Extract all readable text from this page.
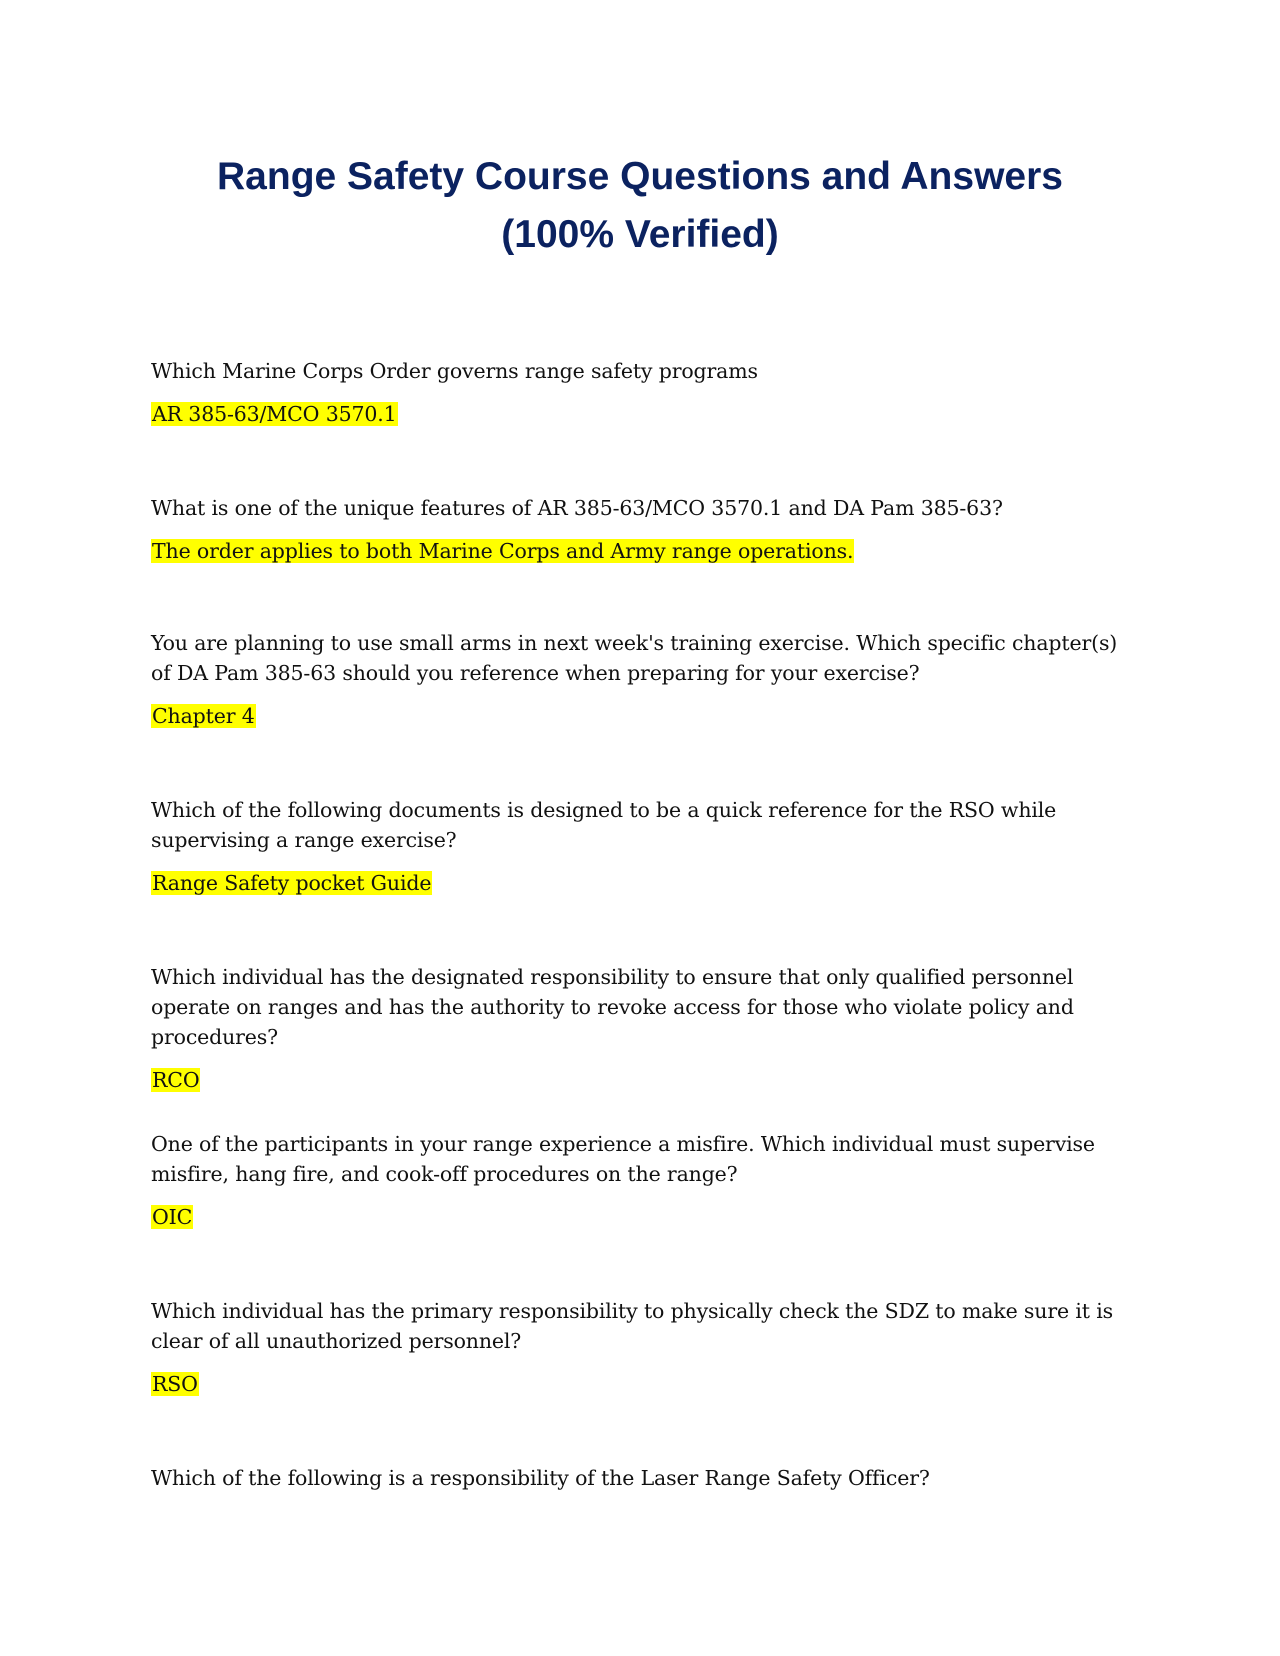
Range Safety Course Questions and Answers
(100% Verified)

Which Marine Corps Order governs range safety programs

AR 385-63/MCO 3570.1

What is one of the unique features of AR 385-63/MCO 3570.1 and DA Pam 385-63?

The order applies to both Marine Corps and Army range operations.

You are planning to use small arms in next week's training exercise. Which specific chapter(s) of DA Pam 385-63 should you reference when preparing for your exercise?

Chapter 4

Which of the following documents is designed to be a quick reference for the RSO while supervising a range exercise?

Range Safety pocket Guide

Which individual has the designated responsibility to ensure that only qualified personnel operate on ranges and has the authority to revoke access for those who violate policy and procedures?

RCO

One of the participants in your range experience a misfire. Which individual must supervise misfire, hang fire, and cook-off procedures on the range?

OIC

Which individual has the primary responsibility to physically check the SDZ to make sure it is clear of all unauthorized personnel?

RSO

Which of the following is a responsibility of the Laser Range Safety Officer?
